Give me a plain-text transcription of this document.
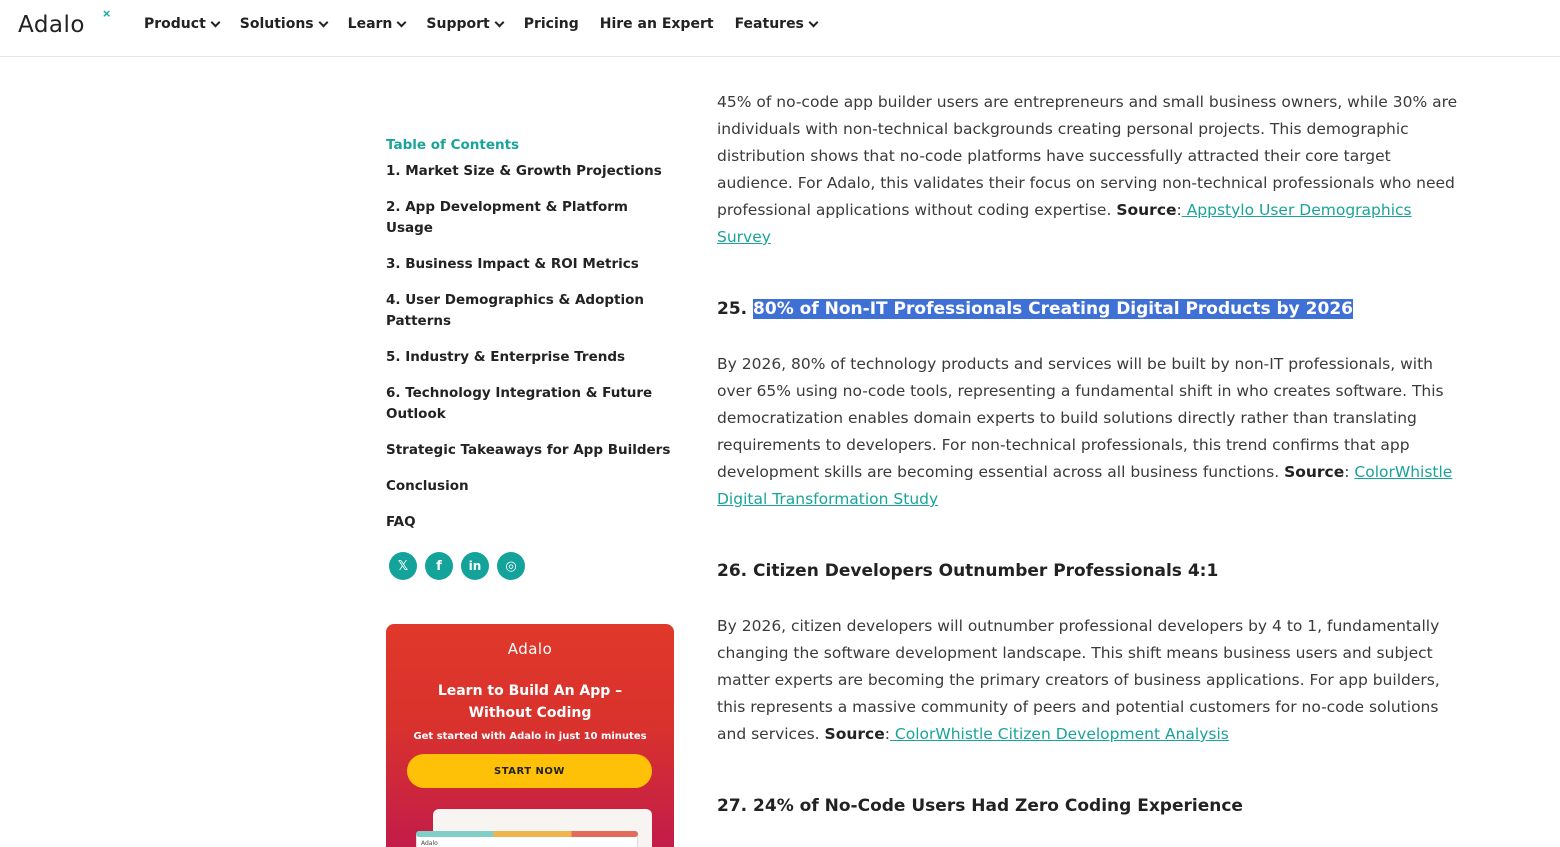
Adalo ×
Product Solutions Learn Support Pricing Hire an Expert Features
Table of Contents
1. Market Size & Growth Projections
2. App Development & Platform Usage
3. Business Impact & ROI Metrics
4. User Demographics & Adoption Patterns
5. Industry & Enterprise Trends
6. Technology Integration & Future Outlook
Strategic Takeaways for App Builders
Conclusion
FAQ
𝕏	f	in	◎
Adalo
Learn to Build An App –
Without Coding
Get started with Adalo in just 10 minutes
START NOW
Adalo

45% of no-code app builder users are entrepreneurs and small business owners, while 30% are individuals with non-technical backgrounds creating personal projects. This demographic distribution shows that no-code platforms have successfully attracted their core target audience. For Adalo, this validates their focus on serving non-technical professionals who need professional applications without coding expertise. Source: Appstylo User Demographics Survey

25. 80% of Non-IT Professionals Creating Digital Products by 2026

By 2026, 80% of technology products and services will be built by non-IT professionals, with over 65% using no-code tools, representing a fundamental shift in who creates software. This democratization enables domain experts to build solutions directly rather than translating requirements to developers. For non-technical professionals, this trend confirms that app development skills are becoming essential across all business functions. Source: ColorWhistle Digital Transformation Study

26. Citizen Developers Outnumber Professionals 4:1

By 2026, citizen developers will outnumber professional developers by 4 to 1, fundamentally changing the software development landscape. This shift means business users and subject matter experts are becoming the primary creators of business applications. For app builders, this represents a massive community of peers and potential customers for no-code solutions and services. Source: ColorWhistle Citizen Development Analysis

27. 24% of No-Code Users Had Zero Coding Experience
